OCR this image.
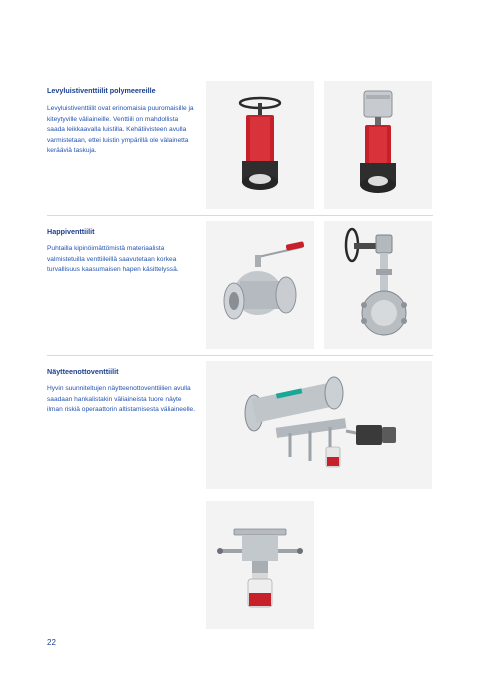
Levyluistiventtiilit polymeereille

Levyluistiventtiilit ovat erinomaisia puuromaisille ja kiteytyville väliaineille. Venttiili on mahdollista saada leikkaavalla luistilla. Kehätiivisteen avulla varmistetaan, ettei luistin ympärillä ole välainetta kerääviä taskuja.

Happiventtiilit

Puhtailla kipinöimättömistä materiaalista valmistetuilla venttiileillä saavutetaan korkea turvallisuus kaasumaisen hapen käsittelyssä.

Näytteenottoventtiilit

Hyvin suunniteltujen näytteenottoventtiilien avulla saadaan hankalistakin väliaineista tuore näyte ilman riskiä operaattorin altistamisesta väliaineelle.

22
